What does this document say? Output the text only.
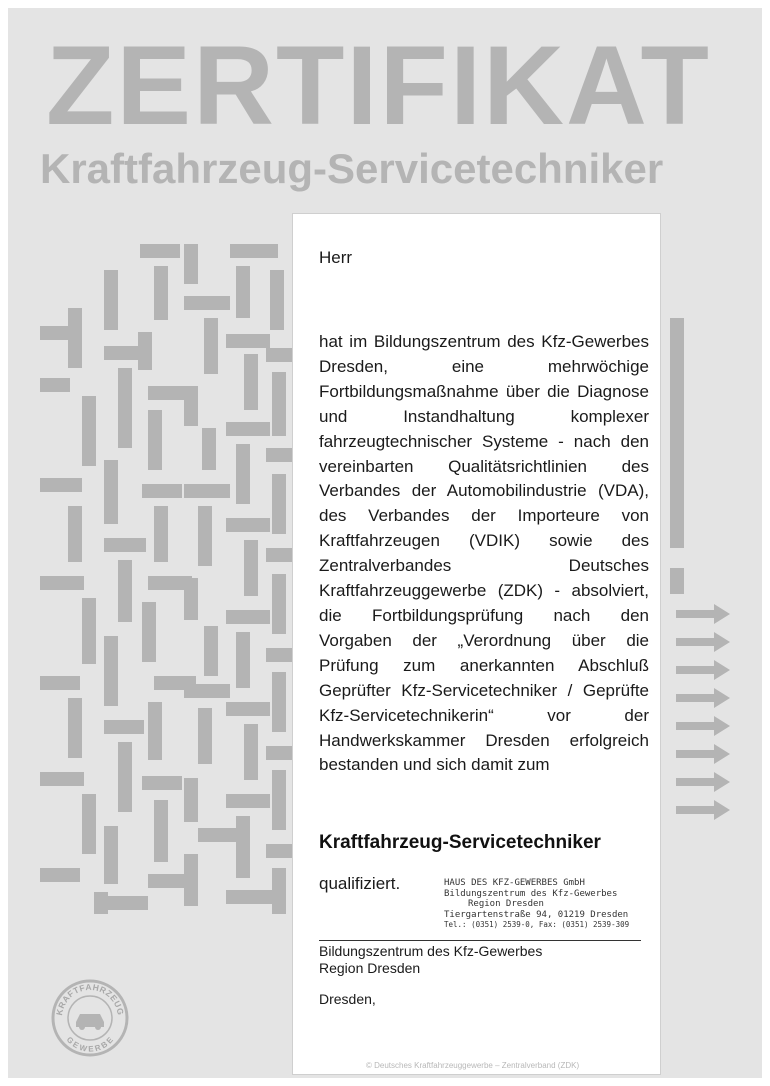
ZERTIFIKAT
Kraftfahrzeug-Servicetechniker
KRAFTFAHRZEUG
GEWERBE
Herr

hat im Bildungszentrum des Kfz-Gewerbes Dresden, eine mehrwöchige Fortbildungsmaßnahme über die Diagnose und Instandhaltung komplexer fahrzeugtechnischer Systeme - nach den vereinbarten Qualitätsrichtlinien des Verbandes der Automobilindustrie (VDA), des Verbandes der Importeure von Kraftfahrzeugen (VDIK) sowie des Zentralverbandes Deutsches Kraftfahrzeuggewerbe (ZDK) - absolviert, die Fortbildungsprüfung nach den Vorgaben der „Verordnung über die Prüfung zum anerkannten Abschluß Geprüfter Kfz-Servicetechniker / Geprüfte Kfz-Servicetechnikerin“ vor der Handwerkskammer Dresden erfolgreich bestanden und sich damit zum

Kraftfahrzeug-Servicetechniker
qualifiziert.	HAUS DES KFZ-GEWERBES GmbH
Bildungszentrum des Kfz-Gewerbes
Region Dresden
Tiergartenstraße 94, 01219 Dresden
Tel.: (0351) 2539-0, Fax: (0351) 2539-309
Bildungszentrum des Kfz-Gewerbes
Region Dresden
Dresden,
© Deutsches Kraftfahrzeuggewerbe – Zentralverband (ZDK)
